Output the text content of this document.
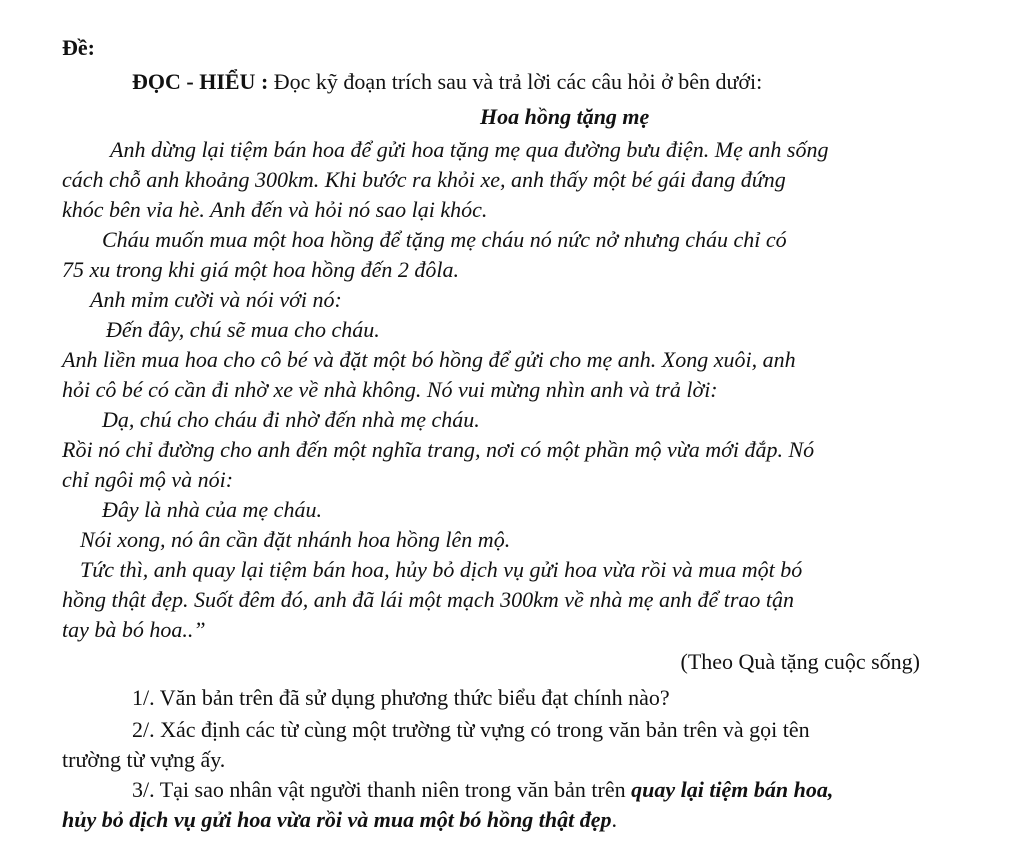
Đề:
ĐỌC - HIỂU : Đọc kỹ đoạn trích sau và trả lời các câu hỏi ở bên dưới:
Hoa hồng tặng mẹ
Anh dừng lại tiệm bán hoa để gửi hoa tặng mẹ qua đường bưu điện. Mẹ anh sống
cách chỗ anh khoảng 300km. Khi bước ra khỏi xe, anh thấy một bé gái đang đứng
khóc bên vỉa hè. Anh đến và hỏi nó sao lại khóc.
Cháu muốn mua một hoa hồng để tặng mẹ cháu nó nức nở nhưng cháu chỉ có
75 xu trong khi giá một hoa hồng đến 2 đôla.
Anh mỉm cười và nói với nó:
Đến đây, chú sẽ mua cho cháu.
Anh liền mua hoa cho cô bé và đặt một bó hồng để gửi cho mẹ anh. Xong xuôi, anh
hỏi cô bé có cần đi nhờ xe về nhà không. Nó vui mừng nhìn anh và trả lời:
Dạ, chú cho cháu đi nhờ đến nhà mẹ cháu.
Rồi nó chỉ đường cho anh đến một nghĩa trang, nơi có một phần mộ vừa mới đắp. Nó
chỉ ngôi mộ và nói:
Đây là nhà của mẹ cháu.
Nói xong, nó ân cần đặt nhánh hoa hồng lên mộ.
Tức thì, anh quay lại tiệm bán hoa, hủy bỏ dịch vụ gửi hoa vừa rồi và mua một bó
hồng thật đẹp. Suốt đêm đó, anh đã lái một mạch 300km về nhà mẹ anh để trao tận
tay bà bó hoa..”
(Theo Quà tặng cuộc sống)
1/. Văn bản trên đã sử dụng phương thức biểu đạt chính nào?
2/. Xác định các từ cùng một trường từ vựng có trong văn bản trên và gọi tên
trường từ vựng ấy.
3/. Tại sao nhân vật người thanh niên trong văn bản trên quay lại tiệm bán hoa,
hủy bỏ dịch vụ gửi hoa vừa rồi và mua một bó hồng thật đẹp.
